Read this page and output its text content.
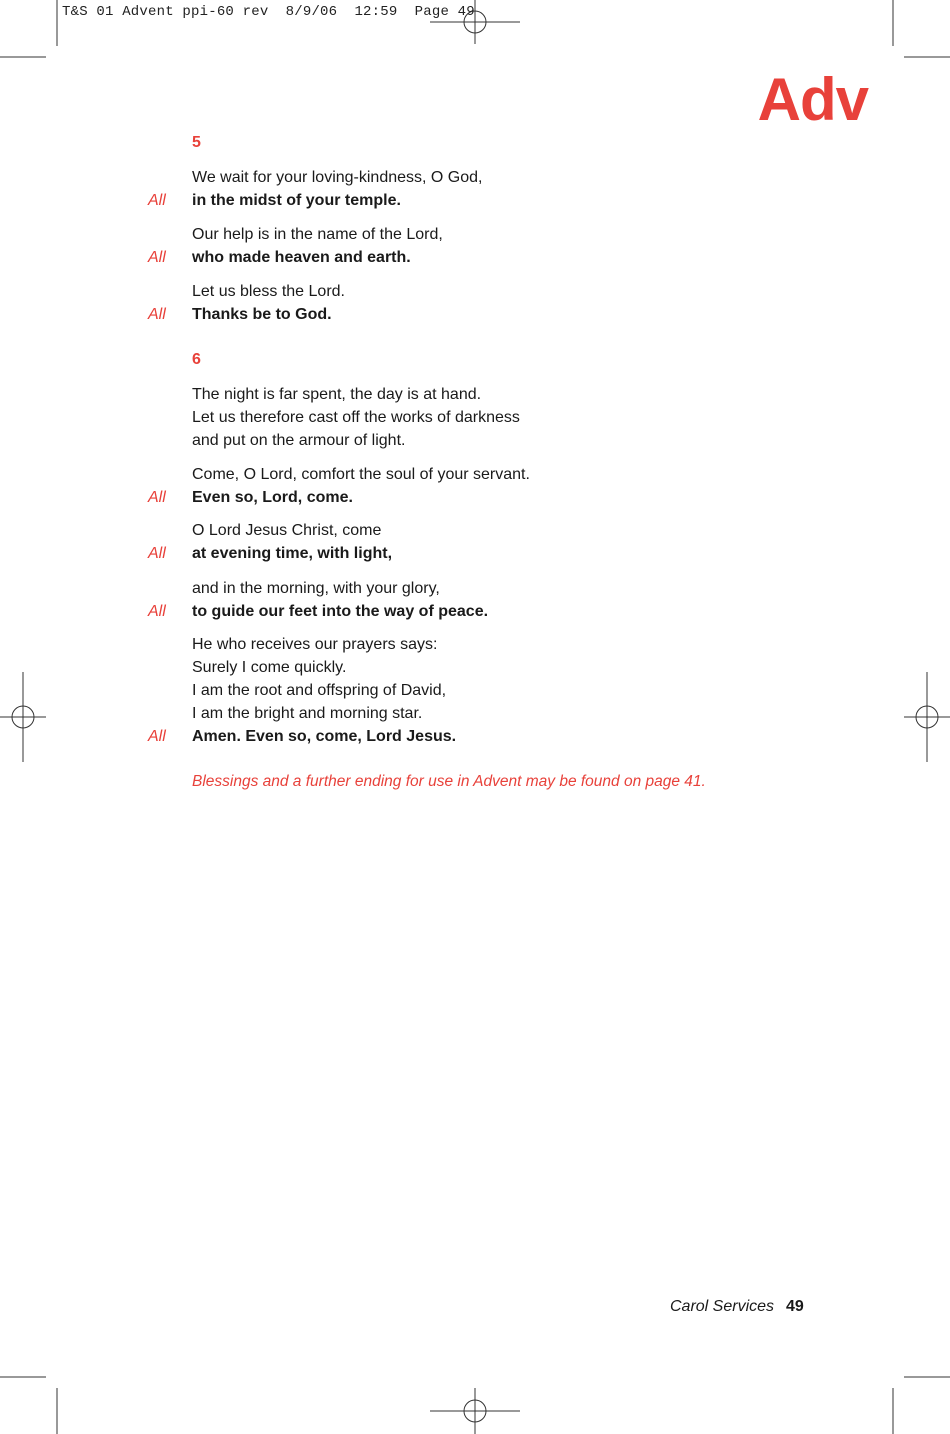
T&S 01 Advent ppi-60 rev  8/9/06  12:59  Page 49
Adv
5
We wait for your loving-kindness, O God,
All in the midst of your temple.
Our help is in the name of the Lord,
All who made heaven and earth.
Let us bless the Lord.
All Thanks be to God.
6
The night is far spent, the day is at hand.
Let us therefore cast off the works of darkness
and put on the armour of light.
Come, O Lord, comfort the soul of your servant.
All Even so, Lord, come.
O Lord Jesus Christ, come
All at evening time, with light,
and in the morning, with your glory,
All to guide our feet into the way of peace.
He who receives our prayers says:
Surely I come quickly.
I am the root and offspring of David,
I am the bright and morning star.
All Amen. Even so, come, Lord Jesus.
Blessings and a further ending for use in Advent may be found on page 41.
Carol Services 49
